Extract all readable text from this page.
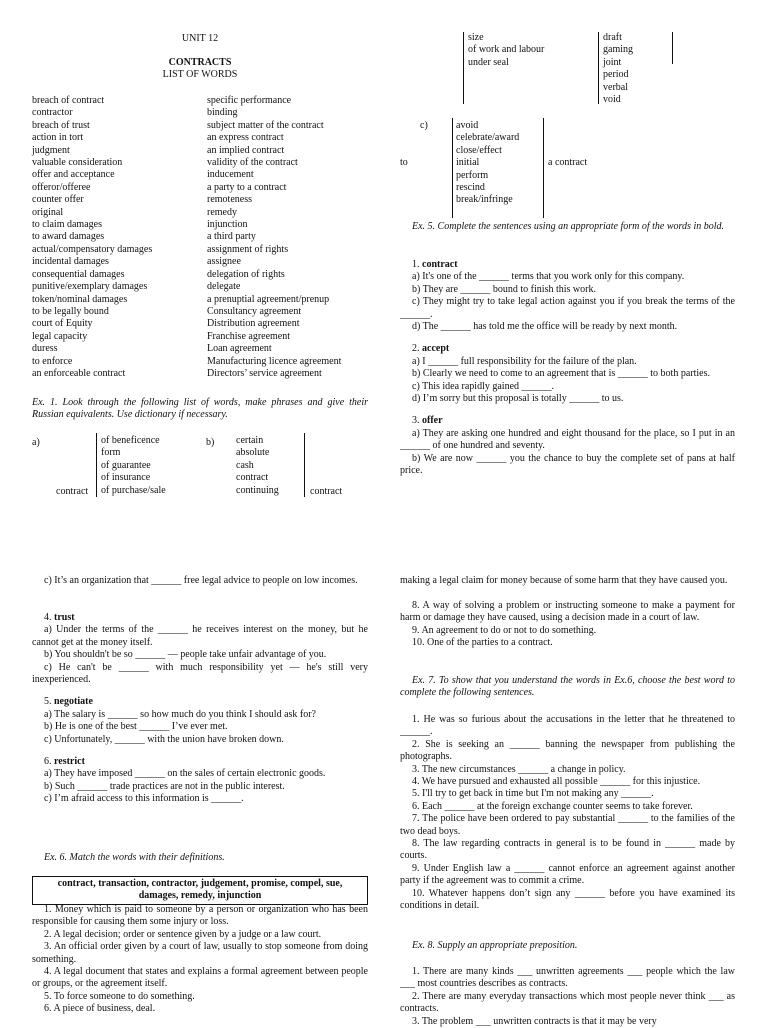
UNIT 12
CONTRACTS
LIST OF WORDS
breach of contract
contractor
breach of trust
action in tort
judgment
valuable consideration
offer and acceptance
offeror/offeree
counter offer
original
to claim damages
to award damages
actual/compensatory damages
incidental damages
consequential damages
punitive/exemplary damages
token/nominal damages
to be legally bound
court of Equity
legal capacity
duress
to enforce
an enforceable contract
specific performance
binding
subject matter of the contract
an express contract
an implied contract
validity of the contract
inducement
a party to a contract
remoteness
remedy
injunction
a third party
assignment of rights
assignee
delegation of rights
delegate
a prenuptial agreement/prenup
Consultancy agreement
Distribution agreement
Franchise agreement
Loan agreement
Manufacturing licence agreement
Directors’ service agreement
Ex. 1. Look through the following list of words, make phrases and give their Russian equivalents. Use dictionary if necessary.
a)
contract
of beneficence
form
of guarantee
of insurance
of purchase/sale
b) certain
absolute
cash
contract
continuing	contract
size
of work and labour
under seal
draft
gaming
joint
period
verbal
void
c)
to
avoid
celebrate/award
close/effect
initial
perform
rescind
break/infringe
a contract
Ex. 5. Complete the sentences using an appropriate form of the words in bold.
1. contract
a) It's one of the ______ terms that you work only for this company.
b) They are ______ bound to finish this work.
c) They might try to take legal action against you if you break the terms of the ______.
d) The ______ has told me the office will be ready by next month.
2. accept
a) I ______ full responsibility for the failure of the plan.
b) Clearly we need to come to an agreement that is ______ to both parties.
c) This idea rapidly gained ______.
d) I’m sorry but this proposal is totally ______ to us.
3. offer
a) They are asking one hundred and eight thousand for the place, so I put in an ______ of one hundred and seventy.
b) We are now ______ you the chance to buy the complete set of pans at half price.
c) It’s an organization that ______ free legal advice to people on low incomes.
4. trust
a) Under the terms of the ______ he receives interest on the money, but he cannot get at the money itself.
b) You shouldn't be so ______ — people take unfair advantage of you.
c) He can't be ______ with much responsibility yet — he's still very inexperienced.
5. negotiate
a) The salary is ______ so how much do you think I should ask for?
b) He is one of the best ______ I’ve ever met.
c) Unfortunately, ______ with the union have broken down.
6. restrict
a) They have imposed ______ on the sales of certain electronic goods.
b) Such ______ trade practices are not in the public interest.
c) I’m afraid access to this information is ______.
Ex. 6. Match the words with their definitions.
contract, transaction, contractor, judgement, promise, compel, sue, damages, remedy, injunction
1. Money which is paid to someone by a person or organization who has been responsible for causing them some injury or loss.
2. A legal decision; order or sentence given by a judge or a law court.
3. An official order given by a court of law, usually to stop someone from doing something.
4. A legal document that states and explains a formal agreement between people or groups, or the agreement itself.
5. To force someone to do something.
6. A piece of business, deal.
making a legal claim for money because of some harm that they have caused you.
8. A way of solving a problem or instructing someone to make a payment for harm or damage they have caused, using a decision made in a court of law.
9. An agreement to do or not to do something.
10. One of the parties to a contract.
Ex. 7. To show that you understand the words in Ex.6, choose the best word to complete the following sentences.
1. He was so furious about the accusations in the letter that he threatened to ______.
2. She is seeking an ______ banning the newspaper from publishing the photographs.
3. The new circumstances ______ a change in policy.
4. We have pursued and exhausted all possible ______ for this injustice.
5. I'll try to get back in time but I'm not making any ______.
6. Each ______ at the foreign exchange counter seems to take forever.
7. The police have been ordered to pay substantial ______ to the families of the two dead boys.
8. The law regarding contracts in general is to be found in ______ made by courts.
9. Under English law a ______ cannot enforce an agreement against another party if the agreement was to commit a crime.
10. Whatever happens don’t sign any ______ before you have examined its conditions in detail.
Ex. 8. Supply an appropriate preposition.
1. There are many kinds ___ unwritten agreements ___ people which the law ___ most countries describes as contracts.
2. There are many everyday transactions which most people never think ___ as contracts.
3. The problem ___ unwritten contracts is that it may be very
